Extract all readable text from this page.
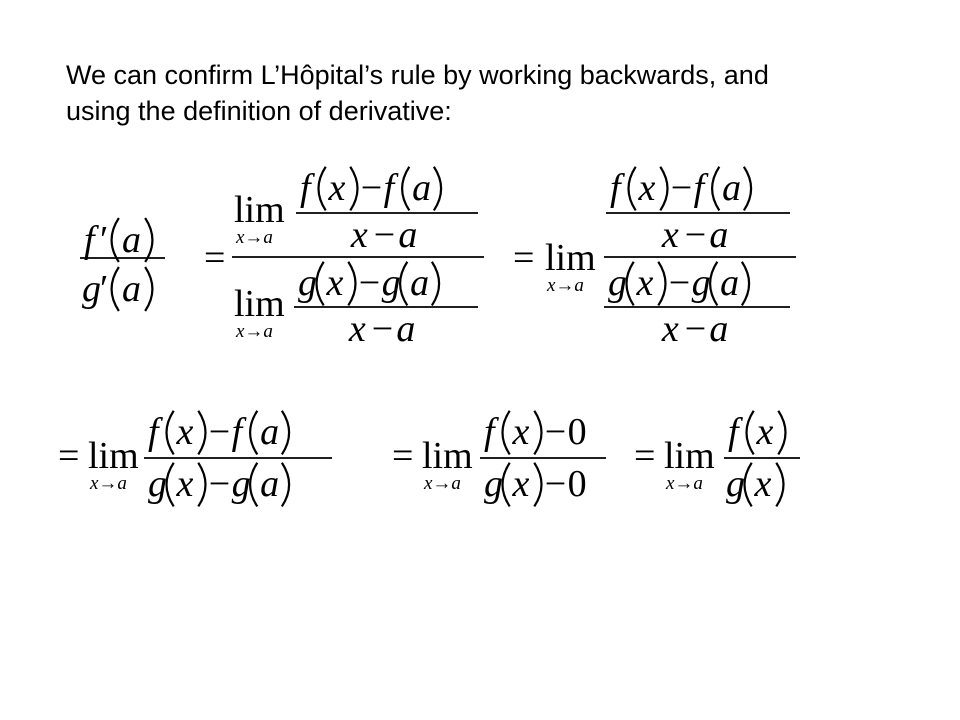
We can confirm L’Hôpital’s rule by working backwards, and
using the definition of derivative:
f ′ a
g ′ a
=
lim
x→a
f x − f a
x − a
lim
x→a
g x − g a
x − a
= lim
x→a
f x − f a
x − a
g x − g a
x − a
= lim
x→a
f x − f a
g x − g a
= lim
x→a
f x − 0
g x − 0
= lim
x→a
f x
g x
